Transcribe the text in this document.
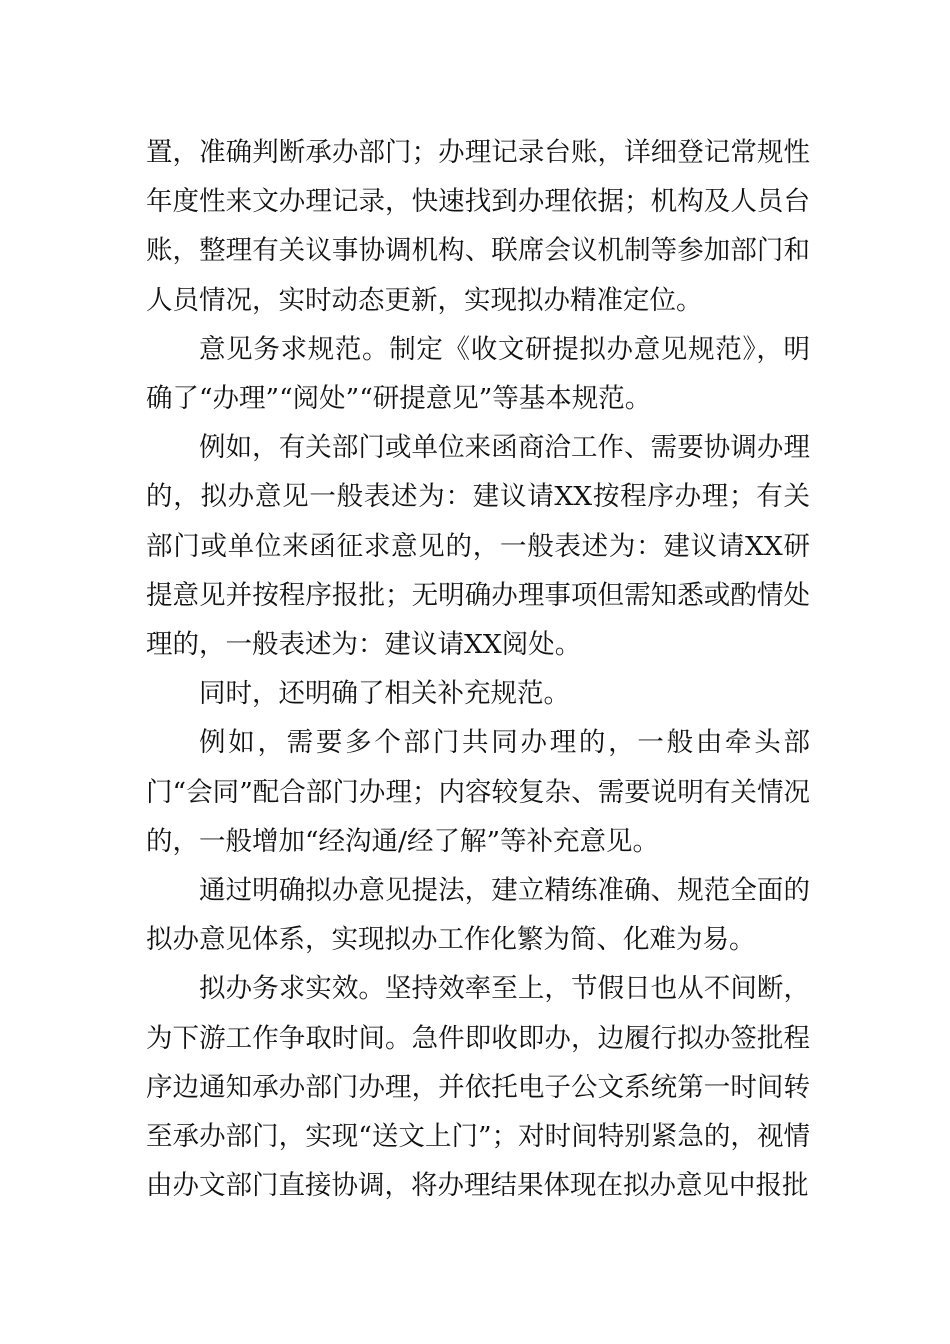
置，准确判断承办部门；办理记录台账，详细登记常规性年度性来文办理记录，快速找到办理依据；机构及人员台账，整理有关议事协调机构、联席会议机制等参加部门和人员情况，实时动态更新，实现拟办精准定位。

意见务求规范。制定《收文研提拟办意见规范》，明确了“办理”“阅处”“研提意见”等基本规范。

例如，有关部门或单位来函商洽工作、需要协调办理的，拟办意见一般表述为：建议请XX按程序办理；有关部门或单位来函征求意见的，一般表述为：建议请XX研提意见并按程序报批；无明确办理事项但需知悉或酌情处理的，一般表述为：建议请XX阅处。

同时，还明确了相关补充规范。

例如，需要多个部门共同办理的，一般由牵头部门“会同”配合部门办理；内容较复杂、需要说明有关情况的，一般增加“经沟通/经了解”等补充意见。

通过明确拟办意见提法，建立精练准确、规范全面的拟办意见体系，实现拟办工作化繁为简、化难为易。

拟办务求实效。坚持效率至上，节假日也从不间断，为下游工作争取时间。急件即收即办，边履行拟办签批程序边通知承办部门办理，并依托电子公文系统第一时间转至承办部门，实现“送文上门”；对时间特别紧急的，视情由办文部门直接协调，将办理结果体现在拟办意见中报批
